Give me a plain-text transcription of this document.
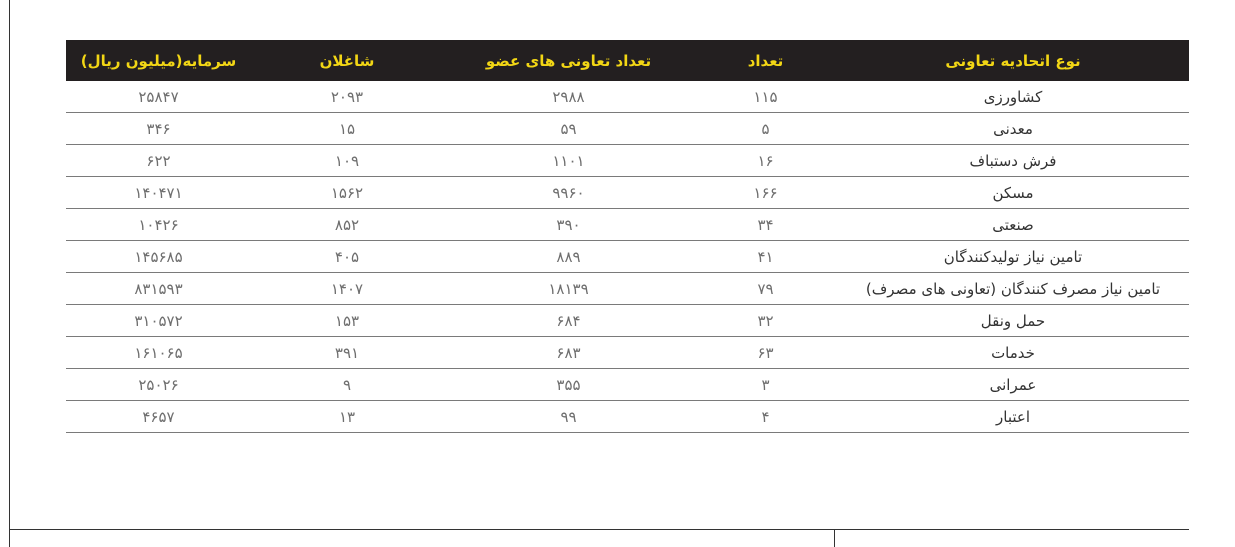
نوع اتحادیه تعاونی	تعداد	تعداد تعاونی های عضو	شاغلان	سرمایه(میلیون ریال)
کشاورزی	۱۱۵	۲۹۸۸	۲۰۹۳	۲۵۸۴۷
معدنی	۵	۵۹	۱۵	۳۴۶
فرش دستباف	۱۶	۱۱۰۱	۱۰۹	۶۲۲
مسکن	۱۶۶	۹۹۶۰	۱۵۶۲	۱۴۰۴۷۱
صنعتی	۳۴	۳۹۰	۸۵۲	۱۰۴۲۶
تامین نیاز تولیدکنندگان	۴۱	۸۸۹	۴۰۵	۱۴۵۶۸۵
تامین نیاز مصرف کنندگان (تعاونی های مصرف)	۷۹	۱۸۱۳۹	۱۴۰۷	۸۳۱۵۹۳
حمل ونقل	۳۲	۶۸۴	۱۵۳	۳۱۰۵۷۲
خدمات	۶۳	۶۸۳	۳۹۱	۱۶۱۰۶۵
عمرانی	۳	۳۵۵	۹	۲۵۰۲۶
اعتبار	۴	۹۹	۱۳	۴۶۵۷
